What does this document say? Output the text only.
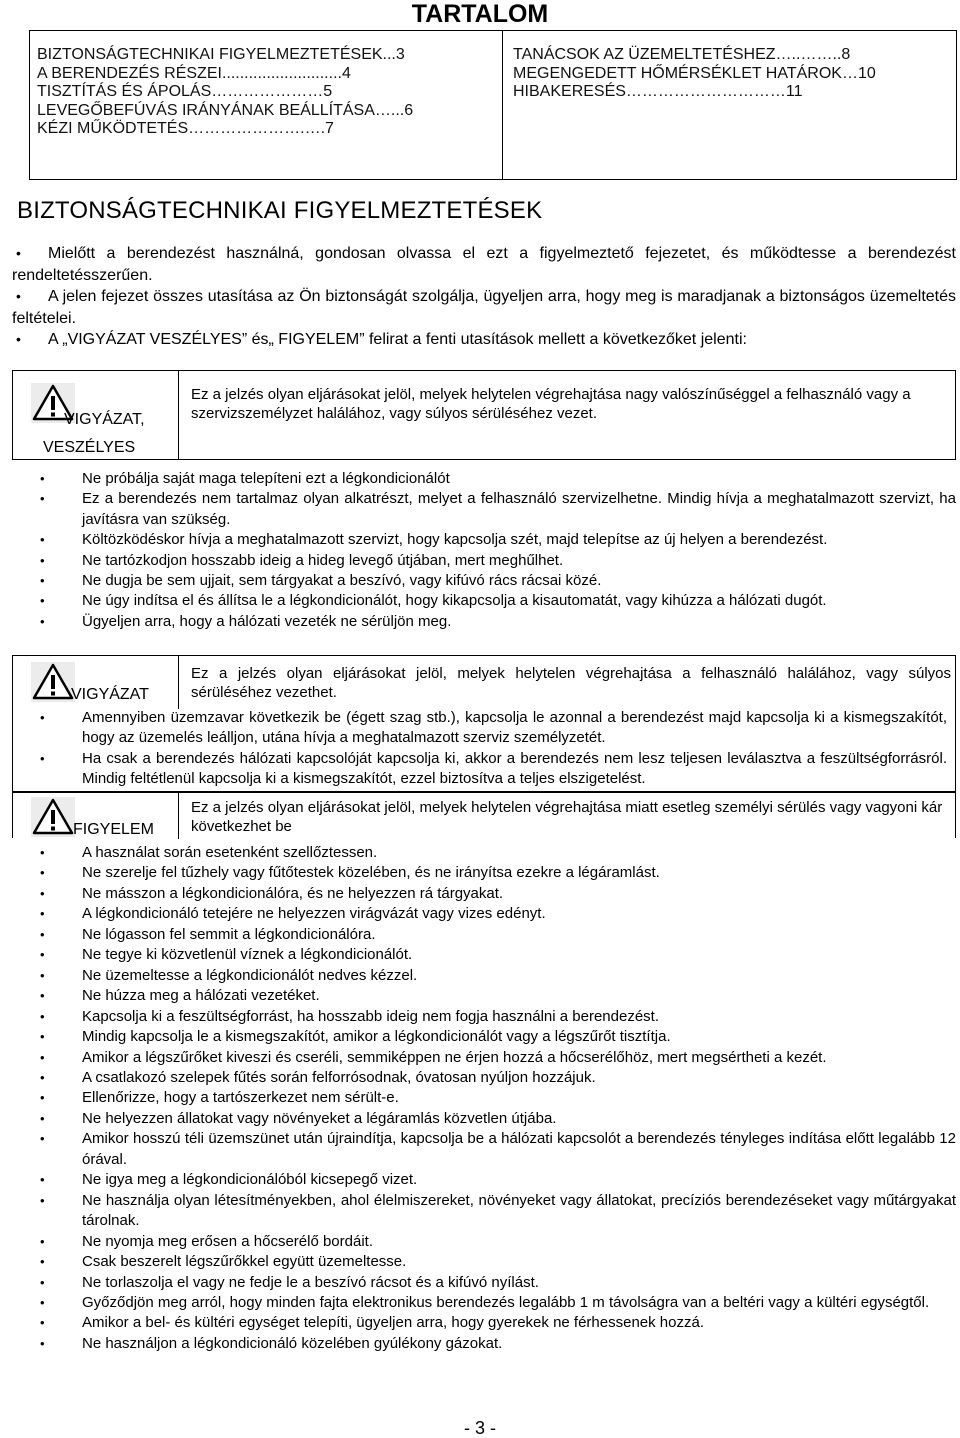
TARTALOM
BIZTONSÁGTECHNIKAI FIGYELMEZTETÉSEK...3
A BERENDEZÉS RÉSZEI...........................4
TISZTÍTÁS ÉS ÁPOLÁS…………………5
LEVEGŐBEFÚVÁS IRÁNYÁNAK BEÁLLÍTÁSA…...6
KÉZI MŰKÖDTETÉS………………….….7
TANÁCSOK AZ ÜZEMELTETÉSHEZ…..……..8
MEGENGEDETT HŐMÉRSÉKLET HATÁROK…10
HIBAKERESÉS…………………………11
BIZTONSÁGTECHNIKAI FIGYELMEZTETÉSEK
• Mielőtt a berendezést használná, gondosan olvassa el ezt a figyelmeztető fejezetet, és működtesse a berendezést rendeltetésszerűen.
• A jelen fejezet összes utasítása az Ön biztonságát szolgálja, ügyeljen arra, hogy meg is maradjanak a biztonságos üzemeltetés feltételei.
• A „VIGYÁZAT VESZÉLYES” és„ FIGYELEM” felirat a fenti utasítások mellett a következőket jelenti:
VIGYÁZAT,
VESZÉLYES
Ez a jelzés olyan eljárásokat jelöl, melyek helytelen végrehajtása nagy valószínűséggel a felhasználó vagy a szervizszemélyzet halálához, vagy súlyos sérüléséhez vezet.
• Ne próbálja saját maga telepíteni ezt a légkondicionálót
• Ez a berendezés nem tartalmaz olyan alkatrészt, melyet a felhasználó szervizelhetne. Mindig hívja a meghatalmazott szervizt, ha javításra van szükség.
• Költözködéskor hívja a meghatalmazott szervizt, hogy kapcsolja szét, majd telepítse az új helyen a berendezést.
• Ne tartózkodjon hosszabb ideig a hideg levegő útjában, mert meghűlhet.
• Ne dugja be sem ujjait, sem tárgyakat a beszívó, vagy kifúvó rács rácsai közé.
• Ne úgy indítsa el és állítsa le a légkondicionálót, hogy kikapcsolja a kisautomatát, vagy kihúzza a hálózati dugót.
• Ügyeljen arra, hogy a hálózati vezeték ne sérüljön meg.
VIGYÁZAT
Ez a jelzés olyan eljárásokat jelöl, melyek helytelen végrehajtása a felhasználó halálához, vagy súlyos sérüléséhez vezethet.
• Amennyiben üzemzavar következik be (égett szag stb.), kapcsolja le azonnal a berendezést majd kapcsolja ki a kismegszakítót, hogy az üzemelés leálljon, utána hívja a meghatalmazott szerviz személyzetét.
• Ha csak a berendezés hálózati kapcsolóját kapcsolja ki, akkor a berendezés nem lesz teljesen leválasztva a feszültségforrásról. Mindig feltétlenül kapcsolja ki a kismegszakítót, ezzel biztosítva a teljes elszigetelést.
FIGYELEM
Ez a jelzés olyan eljárásokat jelöl, melyek helytelen végrehajtása miatt esetleg személyi sérülés vagy vagyoni kár következhet be
• A használat során esetenként szellőztessen.
• Ne szerelje fel tűzhely vagy fűtőtestek közelében, és ne irányítsa ezekre a légáramlást.
• Ne másszon a légkondicionálóra, és ne helyezzen rá tárgyakat.
• A légkondicionáló tetejére ne helyezzen virágvázát vagy vizes edényt.
• Ne lógasson fel semmit a légkondicionálóra.
• Ne tegye ki közvetlenül víznek a légkondicionálót.
• Ne üzemeltesse a légkondicionálót nedves kézzel.
• Ne húzza meg a hálózati vezetéket.
• Kapcsolja ki a feszültségforrást, ha hosszabb ideig nem fogja használni a berendezést.
• Mindig kapcsolja le a kismegszakítót, amikor a légkondicionálót vagy a légszűrőt tisztítja.
• Amikor a légszűrőket kiveszi és cseréli, semmiképpen ne érjen hozzá a hőcserélőhöz, mert megsértheti a kezét.
• A csatlakozó szelepek fűtés során felforrósodnak, óvatosan nyúljon hozzájuk.
• Ellenőrizze, hogy a tartószerkezet nem sérült-e.
• Ne helyezzen állatokat vagy növényeket a légáramlás közvetlen útjába.
• Amikor hosszú téli üzemszünet után újraindítja, kapcsolja be a hálózati kapcsolót a berendezés tényleges indítása előtt legalább 12 órával.
• Ne igya meg a légkondicionálóból kicsepegő vizet.
• Ne használja olyan létesítményekben, ahol élelmiszereket, növényeket vagy állatokat, precíziós berendezéseket vagy műtárgyakat tárolnak.
• Ne nyomja meg erősen a hőcserélő bordáit.
• Csak beszerelt légszűrőkkel együtt üzemeltesse.
• Ne torlaszolja el vagy ne fedje le a beszívó rácsot és a kifúvó nyílást.
• Győződjön meg arról, hogy minden fajta elektronikus berendezés legalább 1 m távolságra van a beltéri vagy a kültéri egységtől.
• Amikor a bel- és kültéri egységet telepíti, ügyeljen arra, hogy gyerekek ne férhessenek hozzá.
• Ne használjon a légkondicionáló közelében gyúlékony gázokat.
- 3 -
